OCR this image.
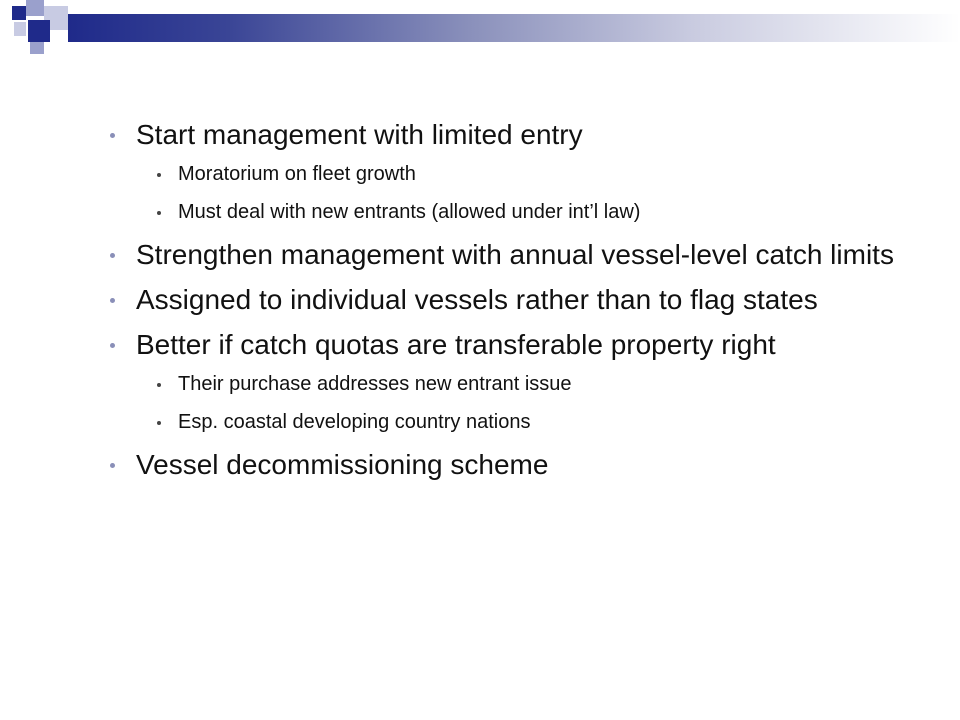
Start management with limited entry
Moratorium on fleet growth
Must deal with new entrants (allowed under int’l law)
Strengthen management with annual vessel-level catch limits
Assigned to individual vessels rather than to flag states
Better if catch quotas are transferable property right
Their purchase addresses new entrant issue
Esp. coastal developing country nations
Vessel decommissioning scheme
